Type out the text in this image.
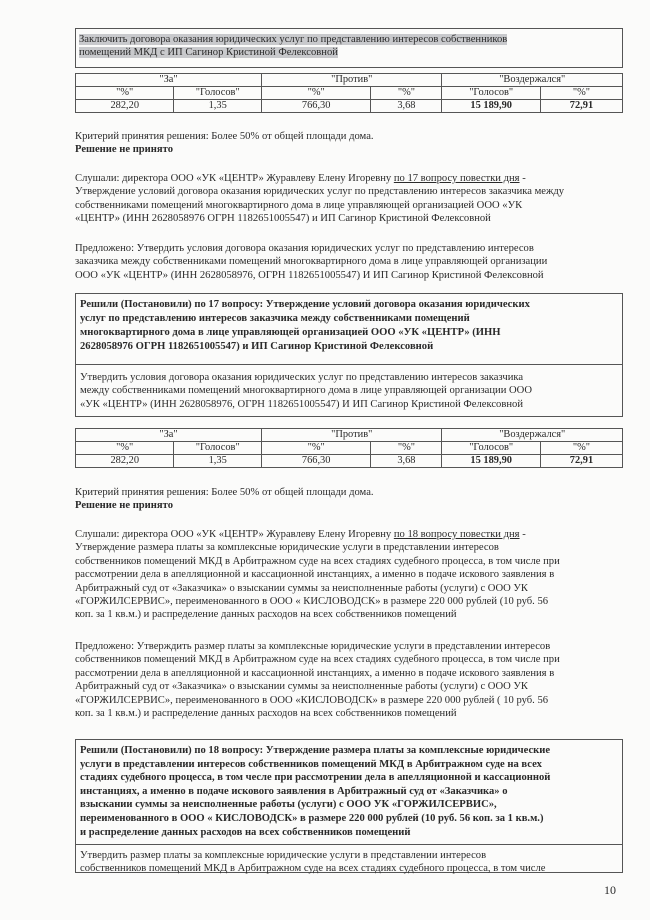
Заключить договора оказания юридических услуг по представлению интересов собственников
помещений МКД с ИП Сагинор Кристиной Фелексовной
"За"		"Против"		"Воздержался"	
"%"	"Голосов"	"%"	"%"	"Голосов"	"%"
282,20	1,35	766,30	3,68	15 189,90	72,91
Критерий принятия решения: Более 50% от общей площади дома.
Решение не принято
Слушали: директора ООО «УК «ЦЕНТР» Журавлеву Елену Игоревну по 17 вопросу повестки дня -
Утверждение условий договора оказания юридических услуг по представлению интересов заказчика между
собственниками помещений многоквартирного дома в лице управляющей организацией ООО «УК
«ЦЕНТР» (ИНН 2628058976 ОГРН 1182651005547) и ИП Сагинор Кристиной Фелексовной
Предложено: Утвердить условия договора оказания юридических услуг по представлению интересов
заказчика между собственниками помещений многоквартирного дома в лице управляющей организации
ООО «УК «ЦЕНТР» (ИНН 2628058976, ОГРН 1182651005547) И ИП Сагинор Кристиной Фелексовной
Решили (Постановили) по 17 вопросу: Утверждение условий договора оказания юридических
услуг по представлению интересов заказчика между собственниками помещений
многоквартирного дома в лице управляющей организацией ООО «УК «ЦЕНТР» (ИНН
2628058976 ОГРН 1182651005547) и ИП Сагинор Кристиной Фелексовной
Утвердить условия договора оказания юридических услуг по представлению интересов заказчика
между собственниками помещений многоквартирного дома в лице управляющей организации ООО
«УК «ЦЕНТР» (ИНН 2628058976, ОГРН 1182651005547) И ИП Сагинор Кристиной Фелексовной
"За"		"Против"		"Воздержался"	
"%"	"Голосов"	"%"	"%"	"Голосов"	"%"
282,20	1,35	766,30	3,68	15 189,90	72,91
Критерий принятия решения: Более 50% от общей площади дома.
Решение не принято
Слушали: директора ООО «УК «ЦЕНТР» Журавлеву Елену Игоревну по 18 вопросу повестки дня -
Утверждение размера платы за комплексные юридические услуги в представлении интересов
собственников помещений МКД в Арбитражном суде на всех стадиях судебного процесса, в том числе при
рассмотрении дела в апелляционной и кассационной инстанциях, а именно в подаче искового заявления в
Арбитражный суд от «Заказчика» о взыскании суммы за неисполненные работы (услуги) с ООО УК
«ГОРЖИЛСЕРВИС», переименованного в ООО « КИСЛОВОДСК» в размере 220 000 рублей (10 руб. 56
коп. за 1 кв.м.) и распределение данных расходов на всех собственников помещений
Предложено: Утверждить размер платы за комплексные юридические услуги в представлении интересов
собственников помещений МКД в Арбитражном суде на всех стадиях судебного процесса, в том числе при
рассмотрении дела в апелляционной и кассационной инстанциях, а именно в подаче искового заявления в
Арбитражный суд от «Заказчика» о взыскании суммы за неисполненные работы (услуги) с ООО УК
«ГОРЖИЛСЕРВИС», переименованного в ООО «КИСЛОВОДСК» в размере 220 000 рублей ( 10 руб. 56
коп. за 1 кв.м.) и распределение данных расходов на всех собственников помещений
Решили (Постановили) по 18 вопросу: Утверждение размера платы за комплексные юридические
услуги в представлении интересов собственников помещений МКД в Арбитражном суде на всех
стадиях судебного процесса, в том чеcле при рассмотрении дела в апелляционной и кассационной
инстанциях, а именно в подаче искового заявления в Арбитражный суд от «Заказчика» о
взыскании суммы за неисполненные работы (услуги) с ООО УК «ГОРЖИЛСЕРВИС»,
переименованного в ООО « КИСЛОВОДСК» в размере 220 000 рублей (10 руб. 56 коп. за 1 кв.м.)
и распределение данных расходов на всех собственников помещений
Утвердить размер платы за комплексные юридические услуги в представлении интересов
собственников помещений МКД в Арбитражном суде на всех стадиях судебного процесса, в том числе
10
